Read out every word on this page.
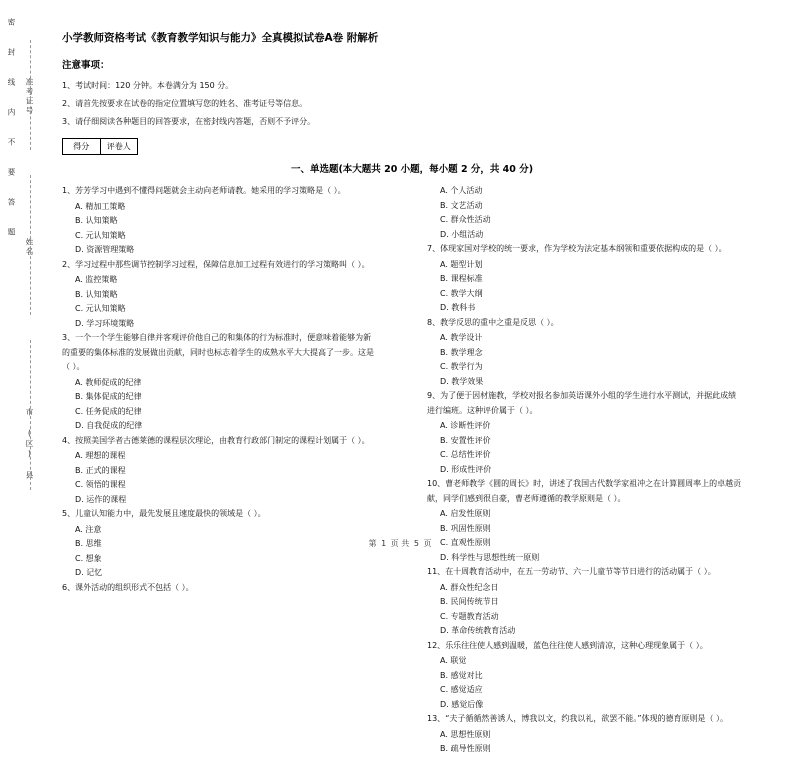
密
封
线
内
不
要
答
题
准考证号
姓名
市 (区) 县
小学教师资格考试《教育教学知识与能力》全真模拟试卷A卷 附解析
注意事项：
1、考试时间：120 分钟。本卷满分为 150 分。
2、请首先按要求在试卷的指定位置填写您的姓名、准考证号等信息。
3、请仔细阅读各种题目的回答要求，在密封线内答题，否则不予评分。
得分	评卷人
一、单选题(本大题共 20 小题，每小题 2 分，共 40 分)
1、芳芳学习中遇到不懂得问题就会主动向老师请教。她采用的学习策略是（ ）。
A. 精加工策略
B. 认知策略
C. 元认知策略
D. 资源管理策略
2、学习过程中那些调节控制学习过程，保障信息加工过程有效进行的学习策略叫（ ）。
A. 监控策略
B. 认知策略
C. 元认知策略
D. 学习环境策略
3、一个一个学生能够自律并客观评价他自己的和集体的行为标准时，便意味着能够为新的重要的集体标准的发展做出贡献，同时也标志着学生的成熟水平大大提高了一步。这是（ ）。
A. 教师促成的纪律
B. 集体促成的纪律
C. 任务促成的纪律
D. 自我促成的纪律
4、按照美国学者古德莱德的课程层次理论，由教育行政部门制定的课程计划属于（ ）。
A. 理想的课程
B. 正式的课程
C. 领悟的课程
D. 运作的课程
5、儿童认知能力中，最先发展且速度最快的领域是（ ）。
A. 注意
B. 思维
C. 想象
D. 记忆
6、课外活动的组织形式不包括（ ）。
A. 个人活动
B. 文艺活动
C. 群众性活动
D. 小组活动
7、体现家国对学校的统一要求，作为学校为法定基本纲领和重要依据构成的是（ ）。
A. 题型计划
B. 课程标准
C. 教学大纲
D. 教科书
8、教学反思的重中之重是反思（ ）。
A. 教学设计
B. 教学理念
C. 教学行为
D. 教学效果
9、为了便于因材施教，学校对报名参加英语课外小组的学生进行水平测试，并据此成绩进行编班。这种评价属于（ ）。
A. 诊断性评价
B. 安置性评价
C. 总结性评价
D. 形成性评价
10、曹老师教学《圆的周长》时，讲述了我国古代数学家祖冲之在计算圆周率上的卓越贡献，同学们感到很自豪，曹老师遵循的教学原则是（ ）。
A. 启发性原则
B. 巩固性原则
C. 直观性原则
D. 科学性与思想性统一原则
11、在十周教育活动中，在五一劳动节、六一儿童节等节日进行的活动属于（ ）。
A. 群众性纪念日
B. 民间传统节日
C. 专题教育活动
D. 革命传统教育活动
12、乐乐往往使人感到温暖，蓝色往往使人感到清凉，这种心理现象属于（ ）。
A. 联觉
B. 感觉对比
C. 感觉适应
D. 感觉后像
13、“夫子循循然善诱人，博我以文，约我以礼，欲罢不能。”体现的德育原则是（ ）。
A. 思想性原则
B. 疏导性原则
第 1 页 共 5 页
